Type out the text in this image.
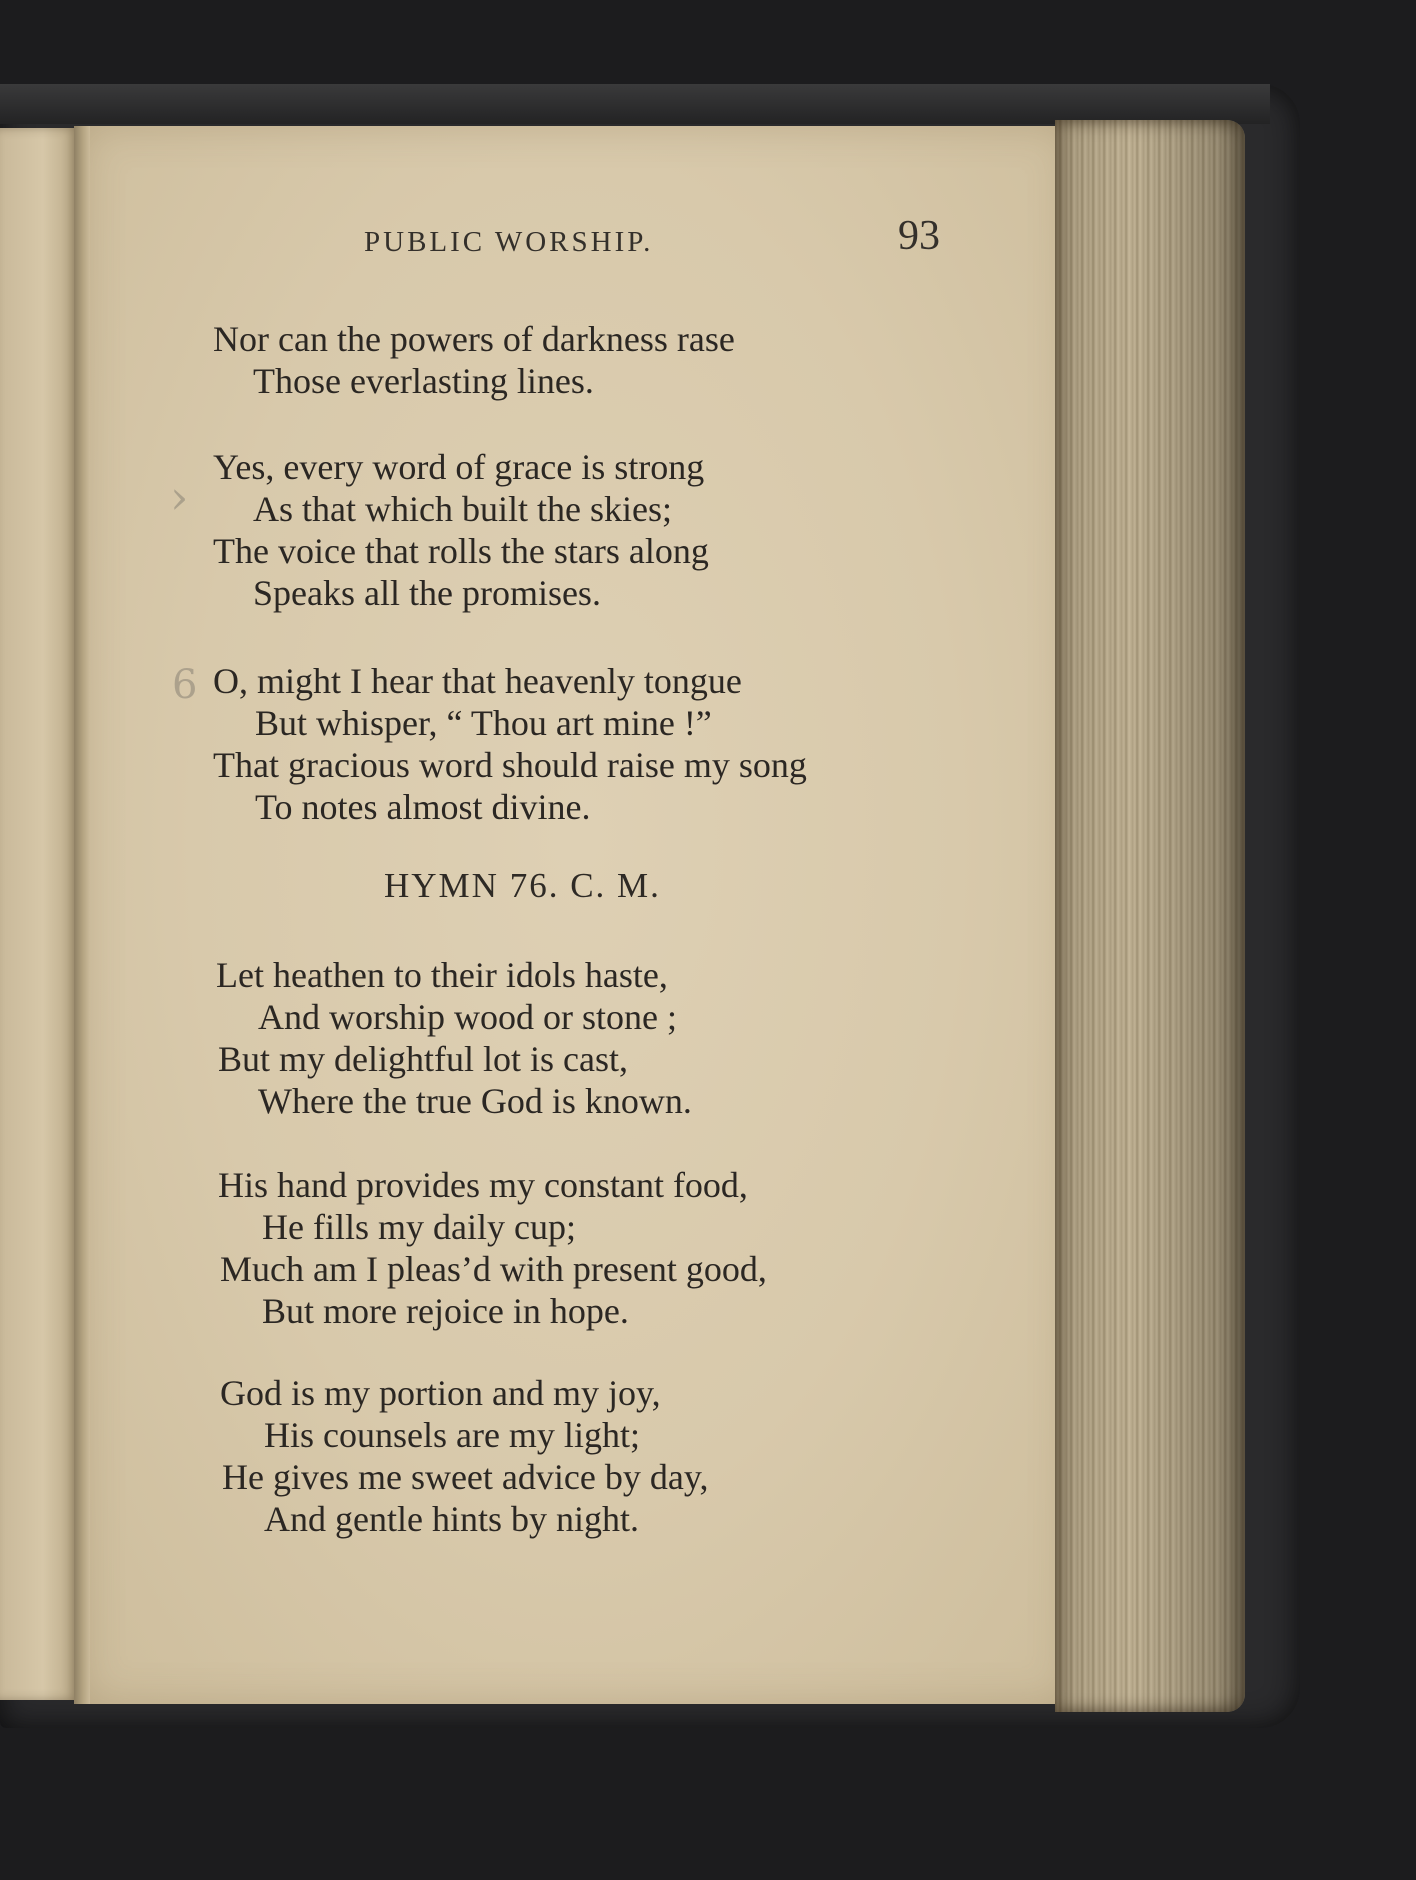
PUBLIC WORSHIP.	93
Nor can the powers of darkness rase
Those everlasting lines.
›
Yes, every word of grace is strong
As that which built the skies;
The voice that rolls the stars along
Speaks all the promises.
6 O, might I hear that heavenly tongue
But whisper, “ Thou art mine !”
That gracious word should raise my song
To notes almost divine.
HYMN 76. C. M.
Let heathen to their idols haste,
And worship wood or stone ;
But my delightful lot is cast,
Where the true God is known.
His hand provides my constant food,
He fills my daily cup;
Much am I pleas’d with present good,
But more rejoice in hope.
God is my portion and my joy,
His counsels are my light;
He gives me sweet advice by day,
And gentle hints by night.
